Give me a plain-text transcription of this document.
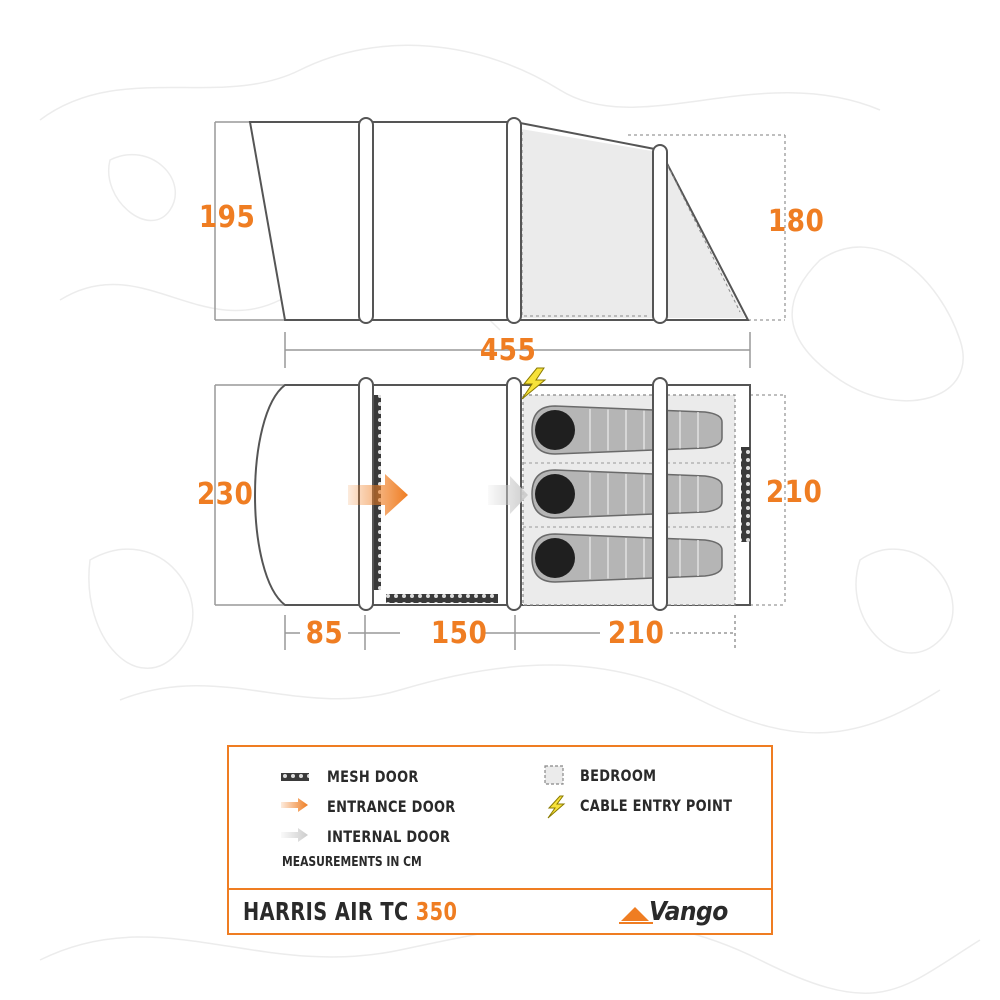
195	180
455
230	210
85	150	210
MESH DOOR
ENTRANCE DOOR
INTERNAL DOOR
BEDROOM
CABLE ENTRY POINT
MEASUREMENTS IN CM
HARRIS AIR TC 350	Vango
